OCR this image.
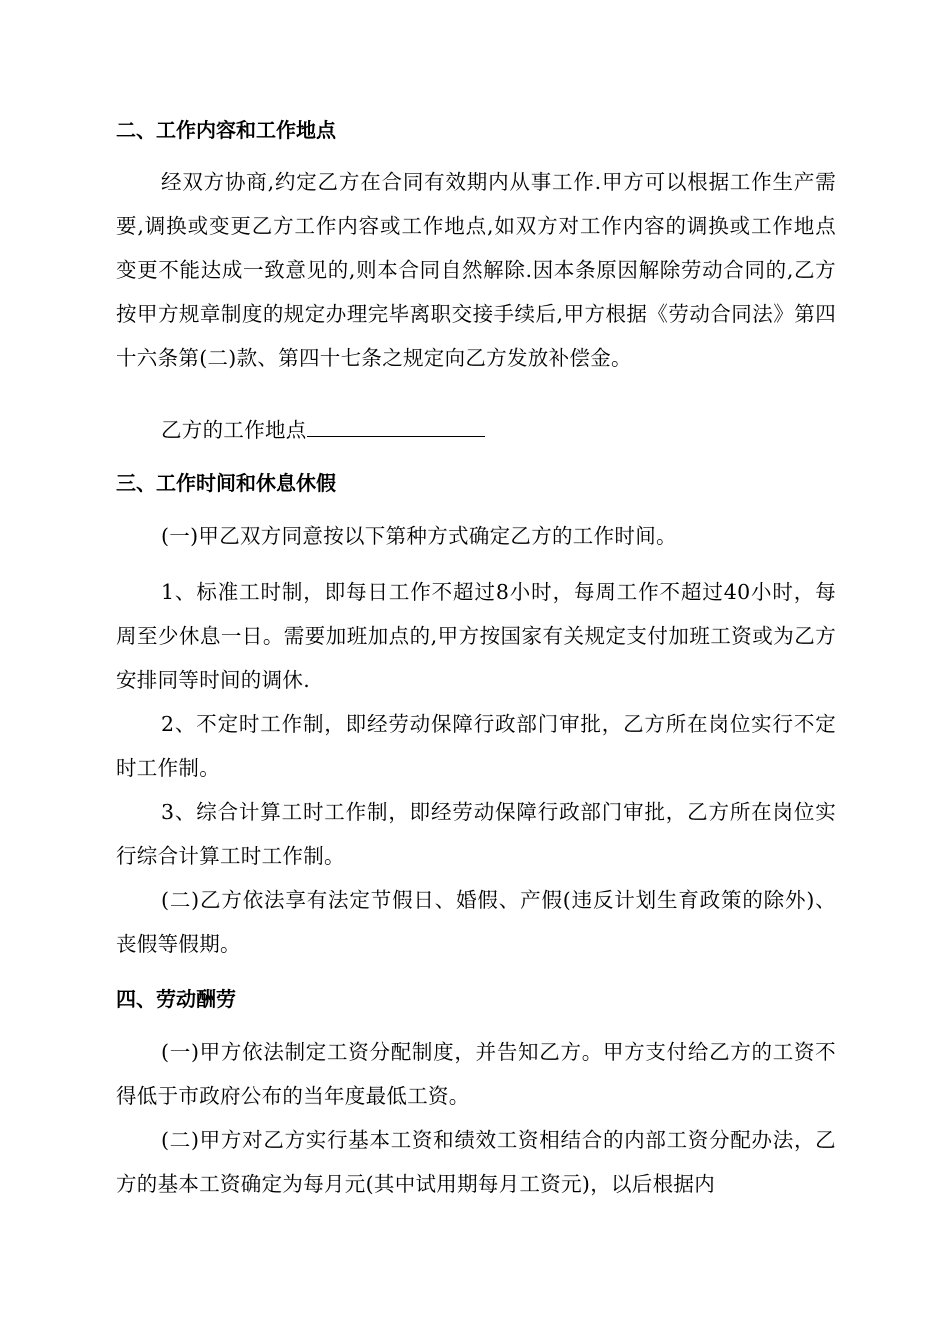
二、工作内容和工作地点

经双方协商,约定乙方在合同有效期内从事工作.甲方可以根据工作生产需要,调换或变更乙方工作内容或工作地点,如双方对工作内容的调换或工作地点变更不能达成一致意见的,则本合同自然解除.因本条原因解除劳动合同的,乙方按甲方规章制度的规定办理完毕离职交接手续后,甲方根据《劳动合同法》第四十六条第(二)款、第四十七条之规定向乙方发放补偿金。

乙方的工作地点

三、工作时间和休息休假

(一)甲乙双方同意按以下第种方式确定乙方的工作时间。

1、标准工时制，即每日工作不超过8小时，每周工作不超过40小时，每周至少休息一日。需要加班加点的,甲方按国家有关规定支付加班工资或为乙方安排同等时间的调休.

2、不定时工作制，即经劳动保障行政部门审批，乙方所在岗位实行不定时工作制。

3、综合计算工时工作制，即经劳动保障行政部门审批，乙方所在岗位实行综合计算工时工作制。

(二)乙方依法享有法定节假日、婚假、产假(违反计划生育政策的除外)、丧假等假期。

四、劳动酬劳

(一)甲方依法制定工资分配制度，并告知乙方。甲方支付给乙方的工资不得低于市政府公布的当年度最低工资。

(二)甲方对乙方实行基本工资和绩效工资相结合的内部工资分配办法，乙方的基本工资确定为每月元(其中试用期每月工资元)，以后根据内
